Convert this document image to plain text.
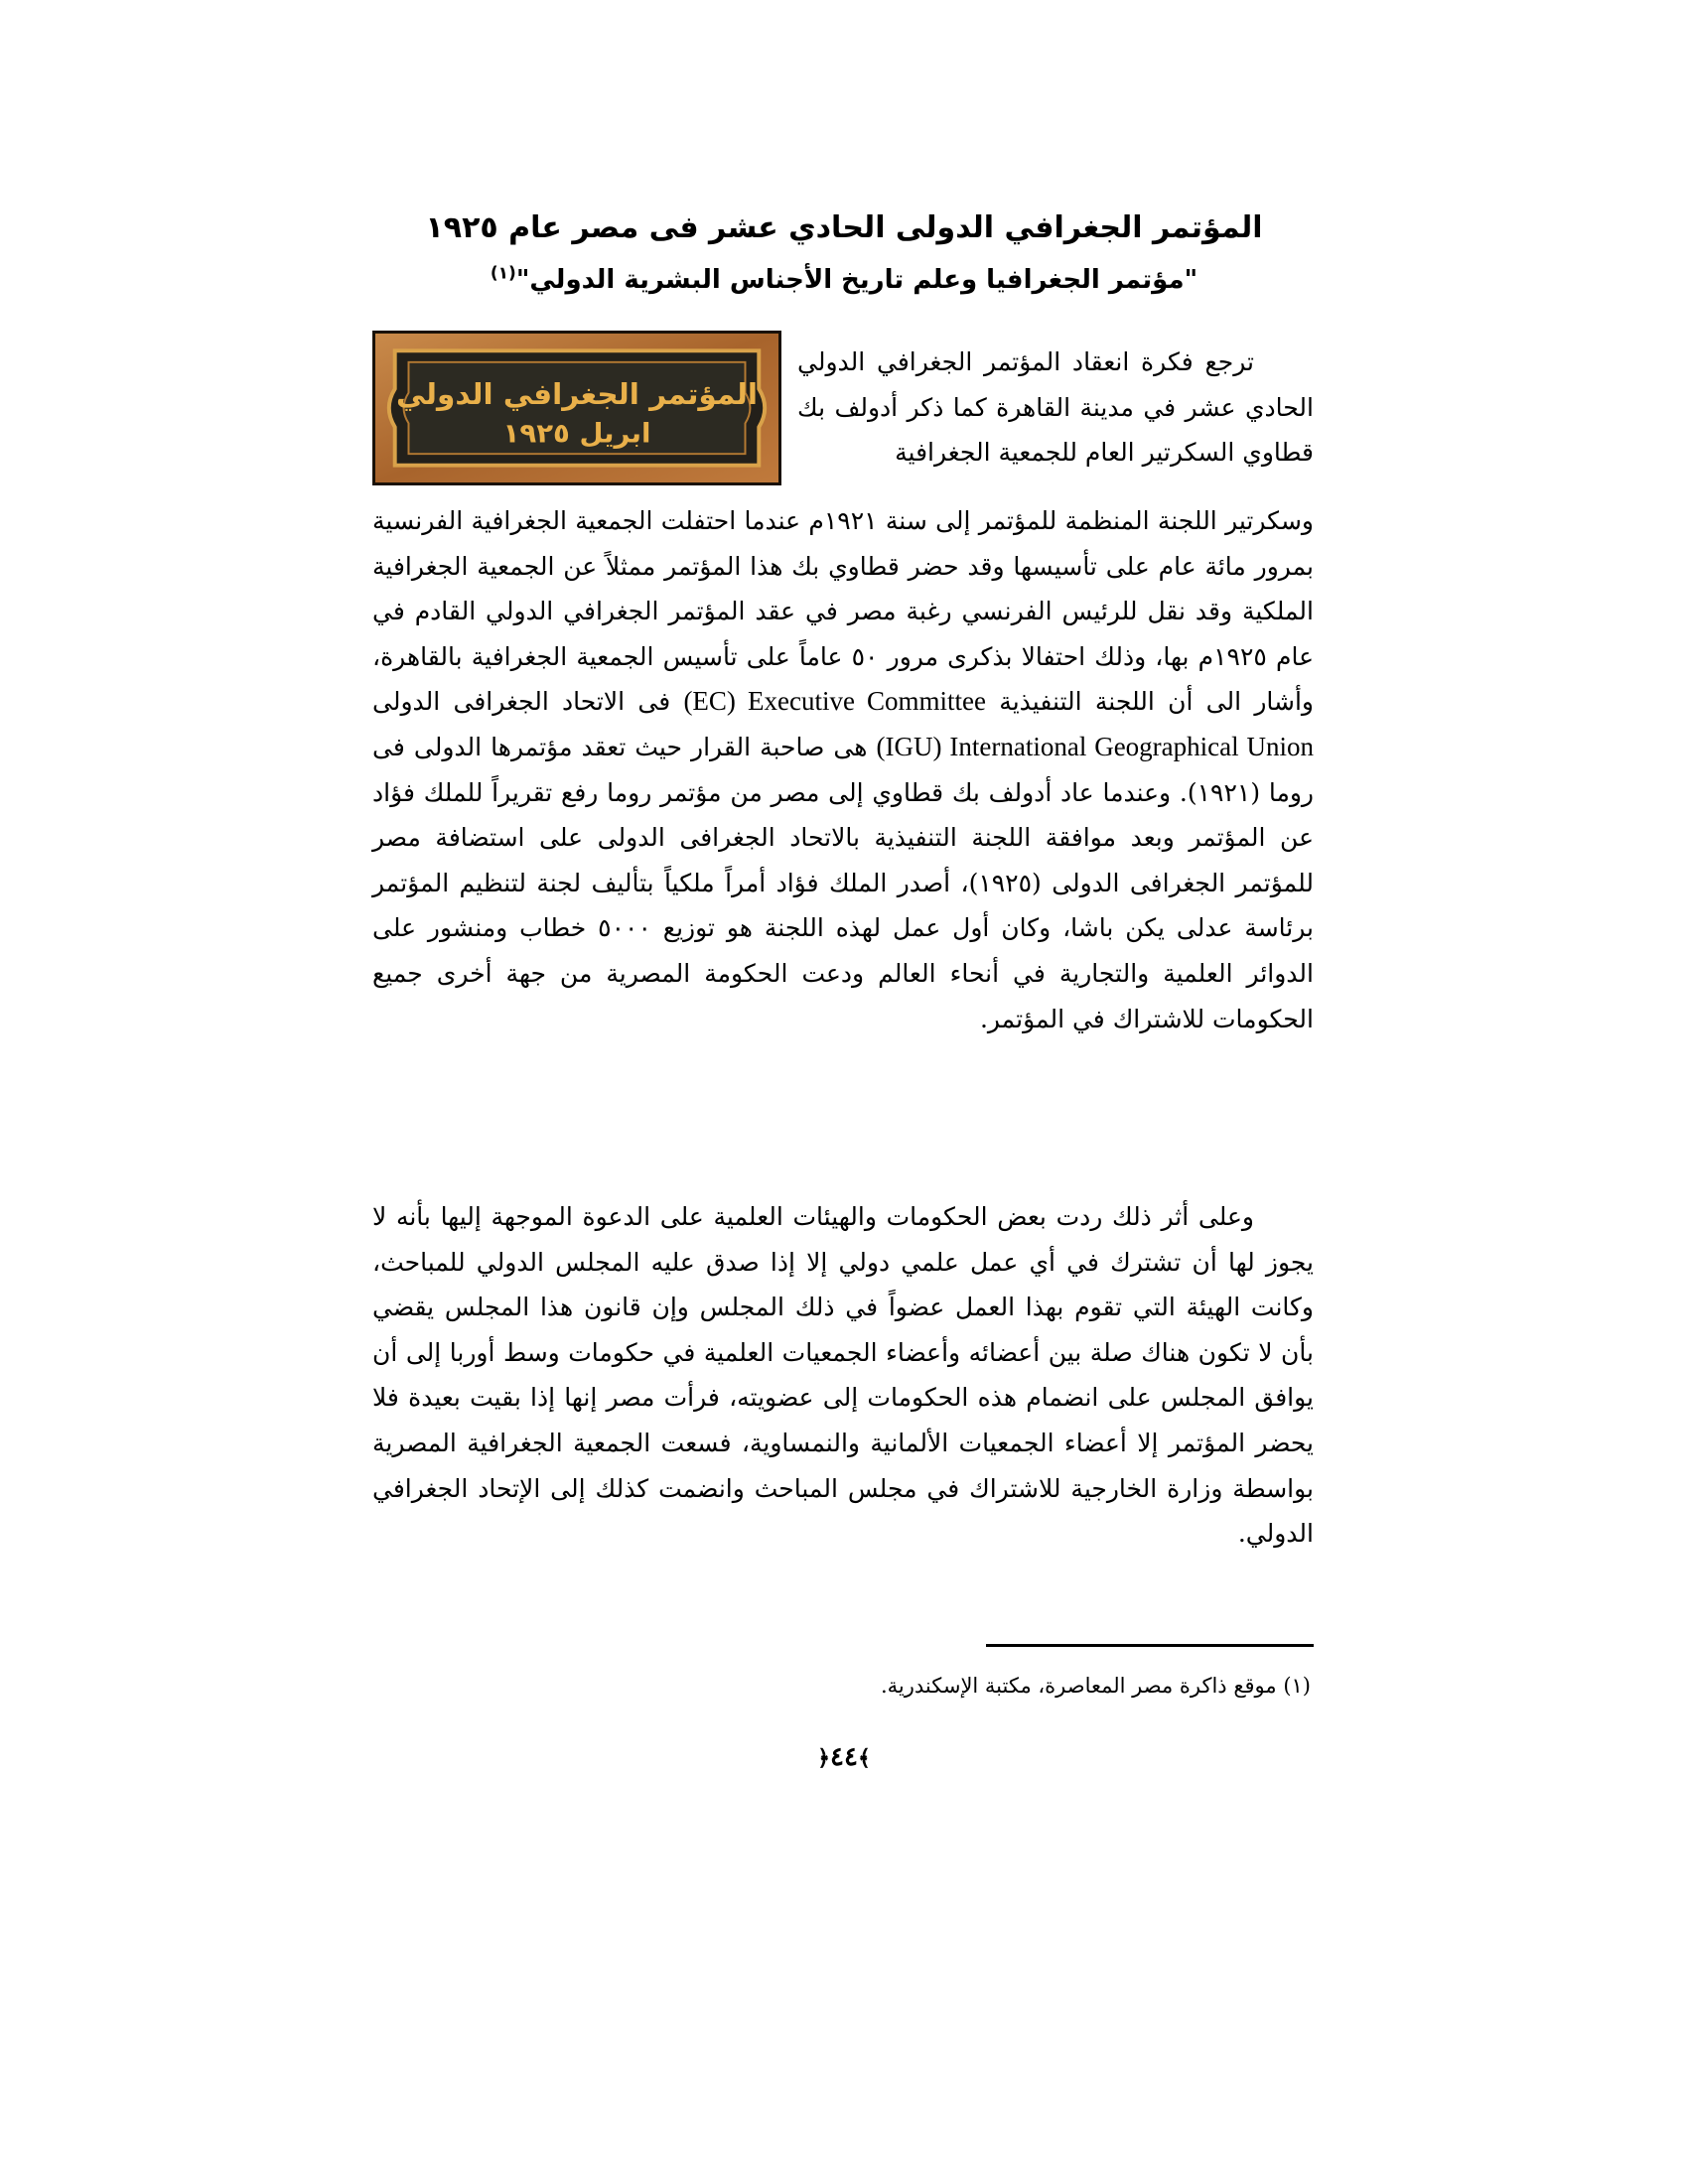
المؤتمر الجغرافي الدولى الحادي عشر فى مصر عام ١٩٢٥
"مؤتمر الجغرافيا وعلم تاريخ الأجناس البشرية الدولي"$^{(١)}$
المؤتمر الجغرافي الدولي
ابريل ١٩٢٥

ترجع فكرة انعقاد المؤتمر الجغرافي الدولي الحادي عشر في مدينة القاهرة كما ذكر أدولف بك قطاوي السكرتير العام للجمعية الجغرافية

وسكرتير اللجنة المنظمة للمؤتمر إلى سنة ١٩٢١م عندما احتفلت الجمعية الجغرافية الفرنسية بمرور مائة عام على تأسيسها وقد حضر قطاوي بك هذا المؤتمر ممثلاً عن الجمعية الجغرافية الملكية وقد نقل للرئيس الفرنسي رغبة مصر في عقد المؤتمر الجغرافي الدولي القادم في عام ١٩٢٥م بها، وذلك احتفالا بذكرى مرور ٥٠ عاماً على تأسيس الجمعية الجغرافية بالقاهرة، وأشار الى أن اللجنة التنفيذية (EC) Executive Committee فى الاتحاد الجغرافى الدولى (IGU) International Geographical Union هى صاحبة القرار حيث تعقد مؤتمرها الدولى فى روما (١٩٢١). وعندما عاد أدولف بك قطاوي إلى مصر من مؤتمر روما رفع تقريراً للملك فؤاد عن المؤتمر وبعد موافقة اللجنة التنفيذية بالاتحاد الجغرافى الدولى على استضافة مصر للمؤتمر الجغرافى الدولى (١٩٢٥)، أصدر الملك فؤاد أمراً ملكياً بتأليف لجنة لتنظيم المؤتمر برئاسة عدلى يكن باشا، وكان أول عمل لهذه اللجنة هو توزيع ٥٠٠٠ خطاب ومنشور على الدوائر العلمية والتجارية في أنحاء العالم ودعت الحكومة المصرية من جهة أخرى جميع الحكومات للاشتراك في المؤتمر.

وعلى أثر ذلك ردت بعض الحكومات والهيئات العلمية على الدعوة الموجهة إليها بأنه لا يجوز لها أن تشترك في أي عمل علمي دولي إلا إذا صدق عليه المجلس الدولي للمباحث، وكانت الهيئة التي تقوم بهذا العمل عضواً في ذلك المجلس وإن قانون هذا المجلس يقضي بأن لا تكون هناك صلة بين أعضائه وأعضاء الجمعيات العلمية في حكومات وسط أوربا إلى أن يوافق المجلس على انضمام هذه الحكومات إلى عضويته، فرأت مصر إنها إذا بقيت بعيدة فلا يحضر المؤتمر إلا أعضاء الجمعيات الألمانية والنمساوية، فسعت الجمعية الجغرافية المصرية بواسطة وزارة الخارجية للاشتراك في مجلس المباحث وانضمت كذلك إلى الإتحاد الجغرافي الدولي.

(١) موقع ذاكرة مصر المعاصرة، مكتبة الإسكندرية.
﴾٤٤﴿
